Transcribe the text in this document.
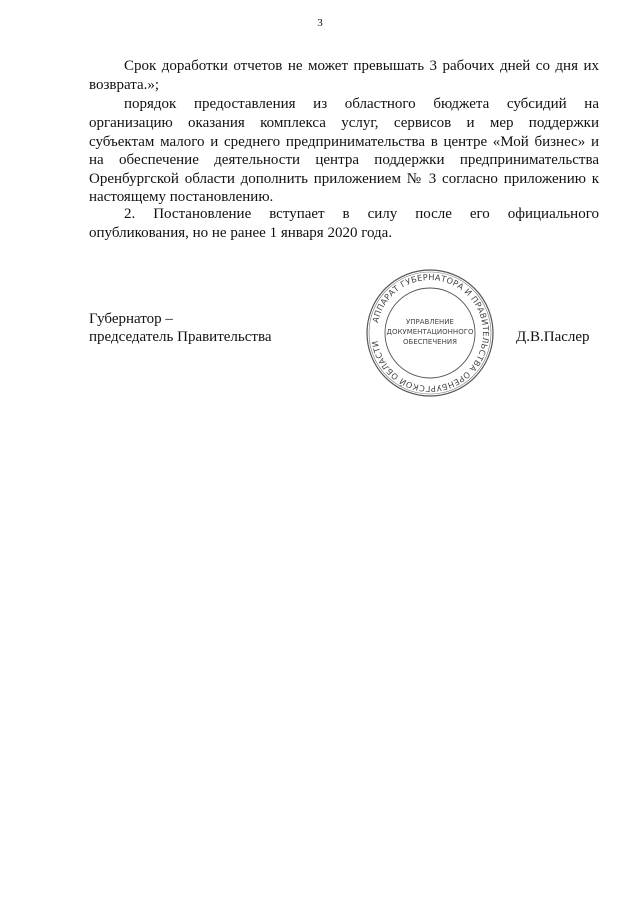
3

Срок доработки отчетов не может превышать 3 рабочих дней со дня их

возврата.»;

порядок предоставления из областного бюджета субсидий на

организацию оказания комплекса услуг, сервисов и мер поддержки

субъектам малого и среднего предпринимательства в центре «Мой бизнес» и

на обеспечение деятельности центра поддержки предпринимательства

Оренбургской области дополнить приложением № 3 согласно приложению к

настоящему постановлению.

2. Постановление вступает в силу после его официального

опубликования, но не ранее 1 января 2020 года.

Губернатор –
председатель Правительства	Д.В.Паслер
АППАРАТ ГУБЕРНАТОРА И ПРАВИТЕЛЬСТВА ОРЕНБУРГСКОЙ ОБЛАСТИ
УПРАВЛЕНИЕ
ДОКУМЕНТАЦИОННОГО
ОБЕСПЕЧЕНИЯ
